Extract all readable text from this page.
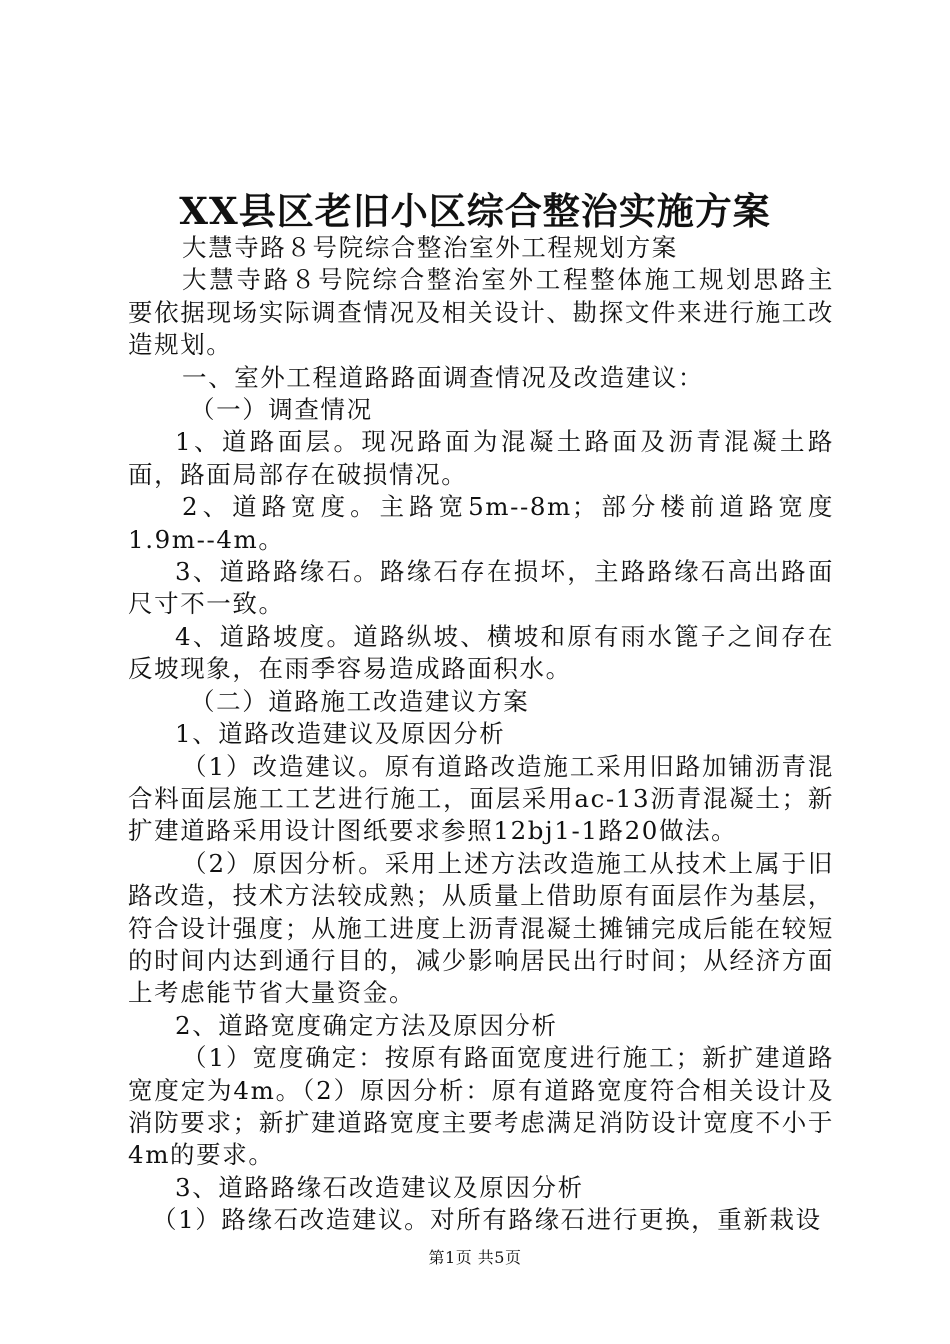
XX县区老旧小区综合整治实施方案

大慧寺路８号院综合整治室外工程规划方案

大慧寺路８号院综合整治室外工程整体施工规划思路主要依据现场实际调查情况及相关设计、勘探文件来进行施工改造规划。

一、室外工程道路路面调查情况及改造建议：

（一）调查情况

1、道路面层。现况路面为混凝土路面及沥青混凝土路面，路面局部存在破损情况。

2、道路宽度。主路宽5m--8m；部分楼前道路宽度1.9m--4m。

3、道路路缘石。路缘石存在损坏，主路路缘石高出路面尺寸不一致。

4、道路坡度。道路纵坡、横坡和原有雨水篦子之间存在反坡现象，在雨季容易造成路面积水。

（二）道路施工改造建议方案

1、道路改造建议及原因分析

（1）改造建议。原有道路改造施工采用旧路加铺沥青混合料面层施工工艺进行施工，面层采用ac-13沥青混凝土；新扩建道路采用设计图纸要求参照12bj1-1路20做法。

（2）原因分析。采用上述方法改造施工从技术上属于旧路改造，技术方法较成熟；从质量上借助原有面层作为基层，符合设计强度；从施工进度上沥青混凝土摊铺完成后能在较短的时间内达到通行目的，减少影响居民出行时间；从经济方面上考虑能节省大量资金。

2、道路宽度确定方法及原因分析

（1）宽度确定：按原有路面宽度进行施工；新扩建道路宽度定为4m。（2）原因分析：原有道路宽度符合相关设计及消防要求；新扩建道路宽度主要考虑满足消防设计宽度不小于4m的要求。

3、道路路缘石改造建议及原因分析

（1）路缘石改造建议。对所有路缘石进行更换，重新栽设

第1页 共5页
